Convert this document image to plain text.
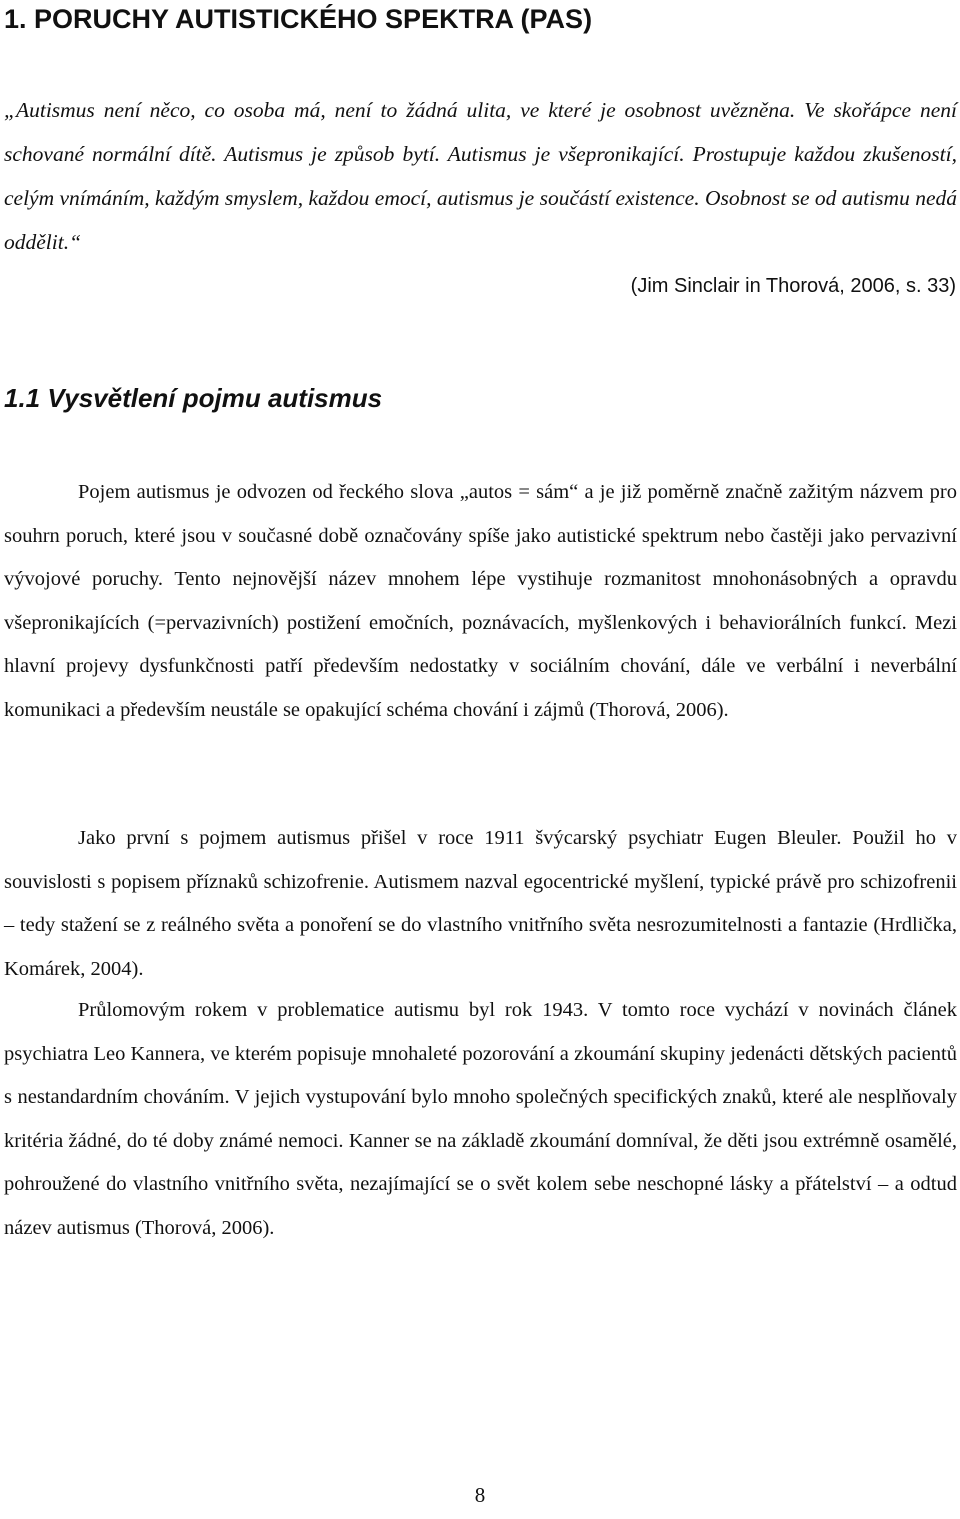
1. PORUCHY AUTISTICKÉHO SPEKTRA (PAS)

„Autismus není něco, co osoba má, není to žádná ulita, ve které je osobnost uvězněna. Ve skořápce není schované normální dítě. Autismus je způsob bytí. Autismus je všepronikající. Prostupuje každou zkušeností, celým vnímáním, každým smyslem, každou emocí, autismus je součástí existence. Osobnost se od autismu nedá oddělit.“

(Jim Sinclair in Thorová, 2006, s. 33)

1.1 Vysvětlení pojmu autismus

Pojem autismus je odvozen od řeckého slova „autos = sám“ a je již poměrně značně zažitým názvem pro souhrn poruch, které jsou v současné době označovány spíše jako autistické spektrum nebo častěji jako pervazivní vývojové poruchy. Tento nejnovější název mnohem lépe vystihuje rozmanitost mnohonásobných a opravdu všepronikajících (=pervazivních) postižení emočních, poznávacích, myšlenkových i behaviorálních funkcí. Mezi hlavní projevy dysfunkčnosti patří především nedostatky v sociálním chování, dále ve verbální i neverbální komunikaci a především neustále se opakující schéma chování i zájmů (Thorová, 2006).

Jako první s pojmem autismus přišel v roce 1911 švýcarský psychiatr Eugen Bleuler. Použil ho v souvislosti s popisem příznaků schizofrenie. Autismem nazval egocentrické myšlení, typické právě pro schizofrenii – tedy stažení se z reálného světa a ponoření se do vlastního vnitřního světa nesrozumitelnosti a fantazie (Hrdlička, Komárek, 2004).

Průlomovým rokem v problematice autismu byl rok 1943. V tomto roce vychází v novinách článek psychiatra Leo Kannera, ve kterém popisuje mnohaleté pozorování a zkoumání skupiny jedenácti dětských pacientů s nestandardním chováním. V jejich vystupování bylo mnoho společných specifických znaků, které ale nesplňovaly kritéria žádné, do té doby známé nemoci. Kanner se na základě zkoumání domníval, že děti jsou extrémně osamělé, pohroužené do vlastního vnitřního světa, nezajímající se o svět kolem sebe neschopné lásky a přátelství – a odtud název autismus (Thorová, 2006).

8
